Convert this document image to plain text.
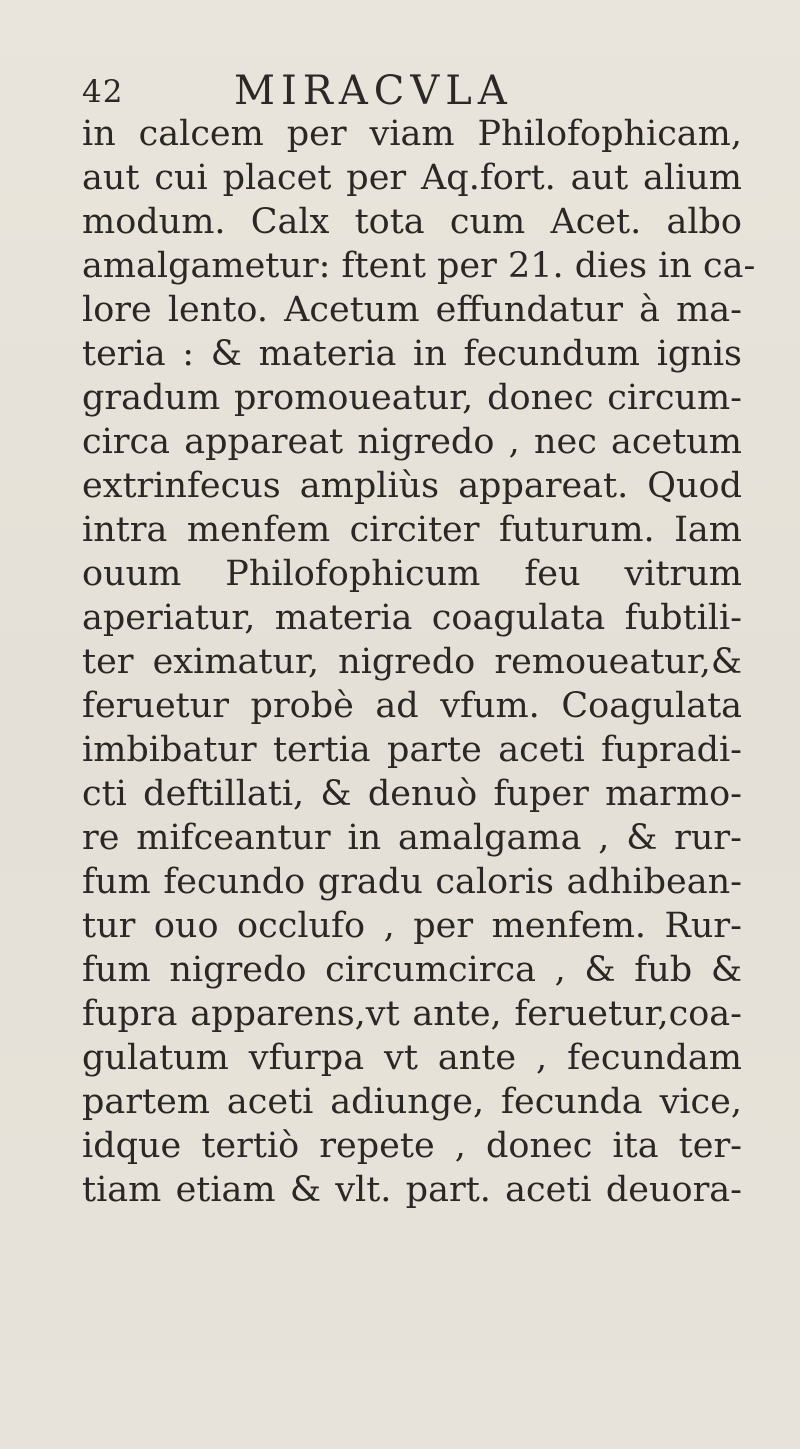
42	MIRACVLA
in calcem per viam Philofophicam,
aut cui placet per Aq.fort. aut alium
modum. Calx tota cum Acet. albo
amalgametur: ftent per 21. dies in ca-
lore lento. Acetum effundatur à ma-
teria : & materia in fecundum ignis
gradum promoueatur, donec circum-
circa appareat nigredo , nec acetum
extrinfecus ampliùs appareat. Quod
intra menfem circiter futurum. Iam
ouum Philofophicum feu vitrum
aperiatur, materia coagulata fubtili-
ter eximatur, nigredo remoueatur,&
feruetur probè ad vfum. Coagulata
imbibatur tertia parte aceti fupradi-
cti deftillati, & denuò fuper marmo-
re mifceantur in amalgama , & rur-
fum fecundo gradu caloris adhibean-
tur ouo occlufo , per menfem. Rur-
fum nigredo circumcirca , & fub &
fupra apparens,vt ante, feruetur,coa-
gulatum vfurpa vt ante , fecundam
partem aceti adiunge, fecunda vice,
idque tertiò repete , donec ita ter-
tiam etiam & vlt. part. aceti deuora-
